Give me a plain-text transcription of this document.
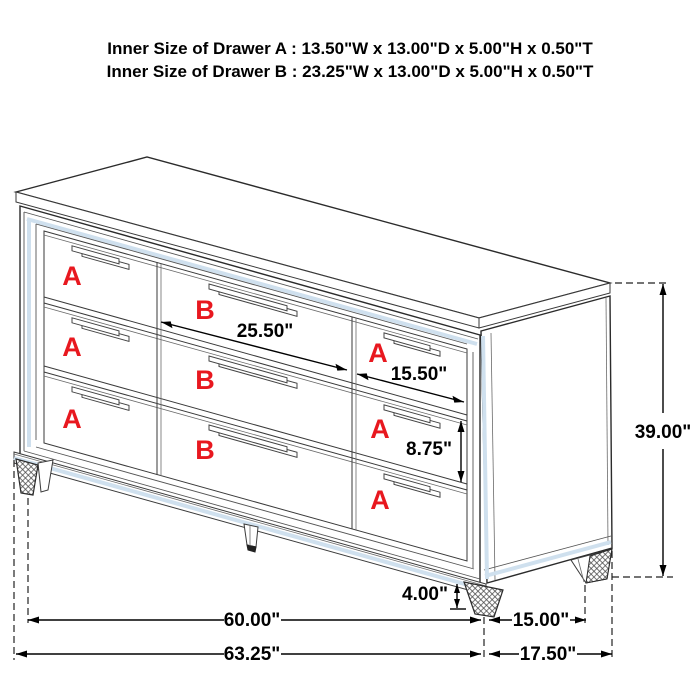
Inner Size of Drawer A : 13.50"W x 13.00"D x 5.00"H x 0.50"T
Inner Size of Drawer B : 23.25"W x 13.00"D x 5.00"H x 0.50"T
A
A
A
B
B
B
A
A
A
25.50"
15.50"
8.75"
39.00"
4.00"
60.00"	15.00"
63.25"	17.50"
